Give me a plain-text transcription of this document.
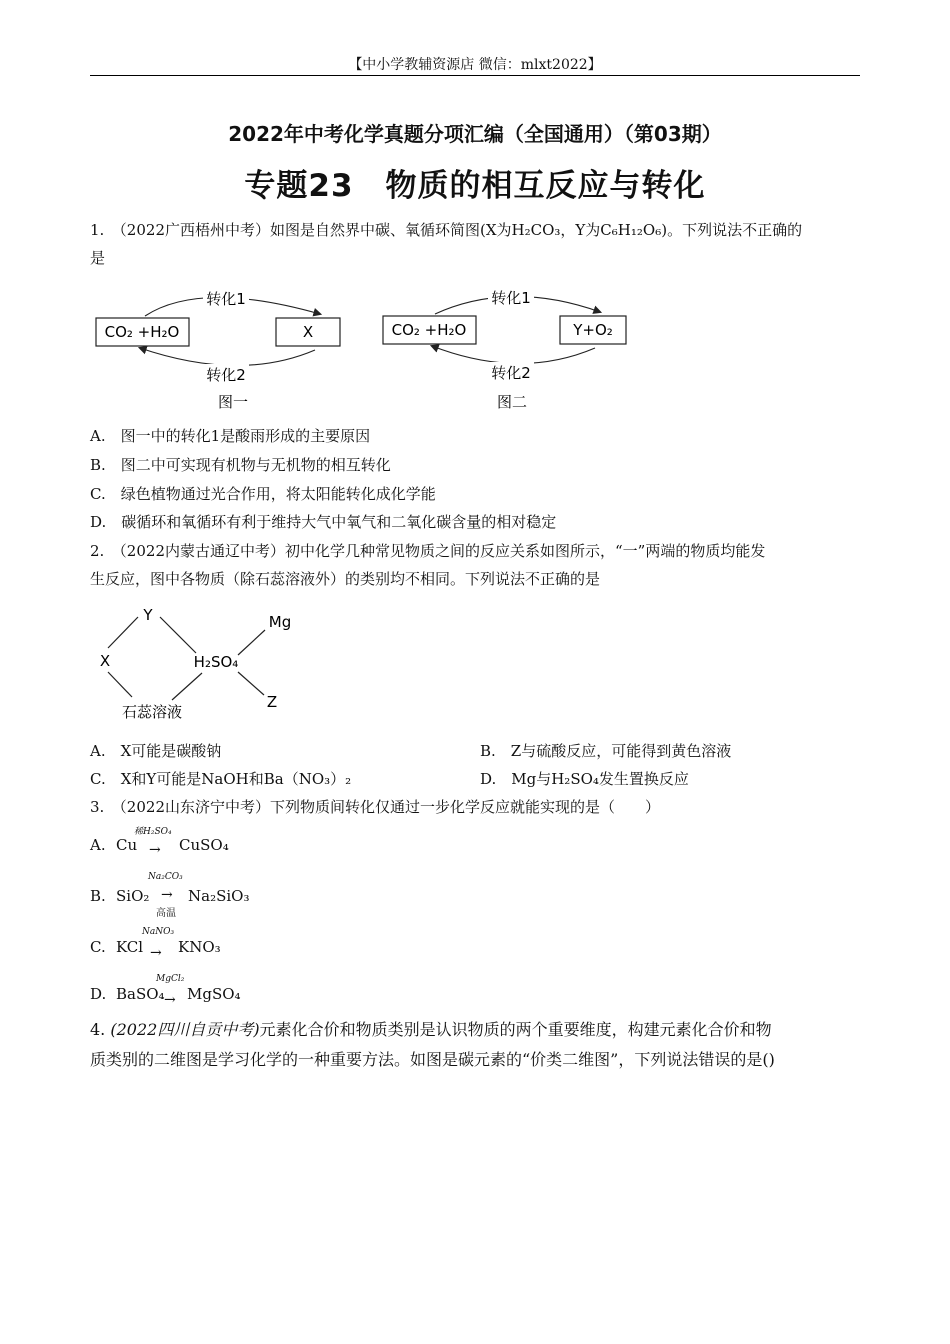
【中小学教辅资源店 微信：mlxt2022】
2022年中考化学真题分项汇编（全国通用）（第03期）
专题23　物质的相互反应与转化
1.　（2022广西梧州中考）如图是自然界中碳、氧循环简图(X为H₂CO₃，Y为C₆H₁₂O₆)。下列说法不正确的
是
CO₂ +H₂O	X
转化1
转化2
图一
CO₂ +H₂O	Y+O₂
转化1
转化2
图二
A.　图一中的转化1是酸雨形成的主要原因
B.　图二中可实现有机物与无机物的相互转化
C.　绿色植物通过光合作用，将太阳能转化成化学能
D.　碳循环和氧循环有利于维持大气中氧气和二氧化碳含量的相对稳定
2.　（2022内蒙古通辽中考）初中化学几种常见物质之间的反应关系如图所示，“一”两端的物质均能发
生反应，图中各物质（除石蕊溶液外）的类别均不相同。下列说法不正确的是
Y
X	H₂SO₄
Mg
Z
石蕊溶液
A.　X可能是碳酸钠	B.　Z与硫酸反应，可能得到黄色溶液
C.　X和Y可能是NaOH和Ba（NO₃）₂	D.　Mg与H₂SO₄发生置换反应
3.　（2022山东济宁中考）下列物质间转化仅通过一步化学反应就能实现的是（　　）
A. Cu
稀H₂SO₄
→ CuSO₄
B. SiO₂
Na₂CO₃
→
高温
Na₂SiO₃
C. KCl
NaNO₃
→ KNO₃
D. BaSO₄
MgCl₂
→ MgSO₄
4. (2022四川自贡中考)元素化合价和物质类别是认识物质的两个重要维度，构建元素化合价和物
质类别的二维图是学习化学的一种重要方法。如图是碳元素的“价类二维图”，下列说法错误的是()
